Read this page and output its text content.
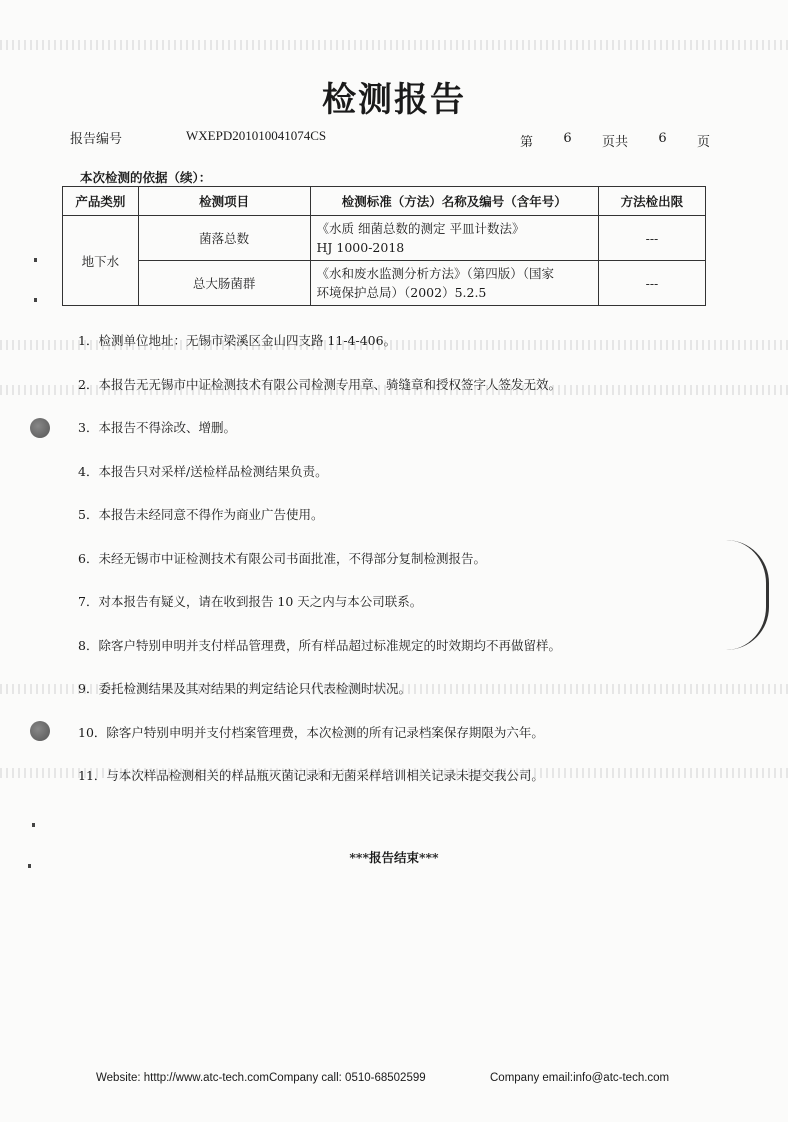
检测报告
报告编号	WXEPD201010041074CS	第 6 页共 6 页
本次检测的依据（续）：
产品类别	检测项目	检测标准（方法）名称及编号（含年号）	方法检出限
地下水	菌落总数	《水质 细菌总数的测定 平皿计数法》
HJ 1000-2018	---
	总大肠菌群	《水和废水监测分析方法》（第四版）（国家
环境保护总局）（2002）5.2.5	---
1．检测单位地址：无锡市梁溪区金山四支路 11-4-406。
2．本报告无无锡市中证检测技术有限公司检测专用章、骑缝章和授权签字人签发无效。
3．本报告不得涂改、增删。
4．本报告只对采样/送检样品检测结果负责。
5．本报告未经同意不得作为商业广告使用。
6．未经无锡市中证检测技术有限公司书面批准，不得部分复制检测报告。
7．对本报告有疑义，请在收到报告 10 天之内与本公司联系。
8．除客户特别申明并支付样品管理费，所有样品超过标准规定的时效期均不再做留样。
9．委托检测结果及其对结果的判定结论只代表检测时状况。
10．除客户特别申明并支付档案管理费，本次检测的所有记录档案保存期限为六年。
11．与本次样品检测相关的样品瓶灭菌记录和无菌采样培训相关记录未提交我公司。
***报告结束***
Website: htttp://www.atc-tech.comCompany call: 0510-68502599	Company email:info@atc-tech.com
